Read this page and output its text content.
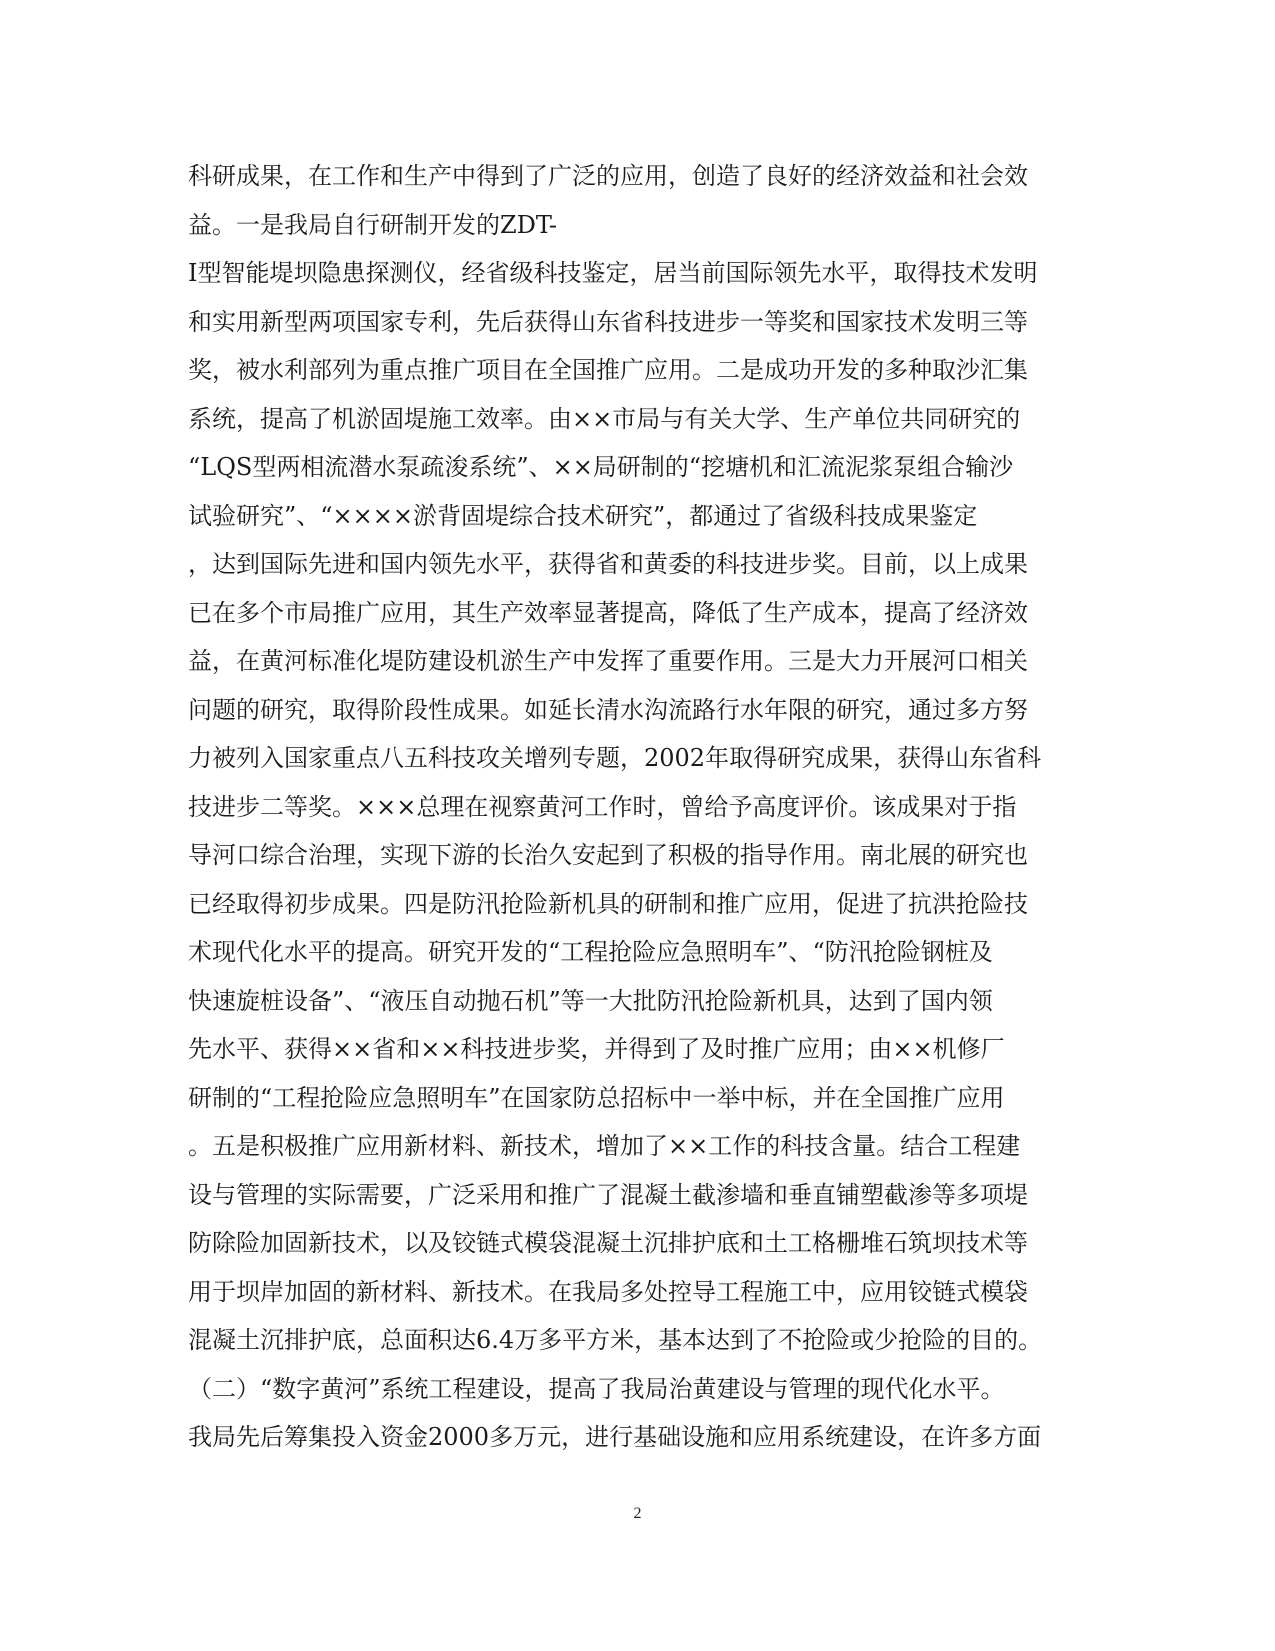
科研成果，在工作和生产中得到了广泛的应用，创造了良好的经济效益和社会效
益。一是我局自行研制开发的ZDT-
I型智能堤坝隐患探测仪，经省级科技鉴定，居当前国际领先水平，取得技术发明
和实用新型两项国家专利，先后获得山东省科技进步一等奖和国家技术发明三等
奖，被水利部列为重点推广项目在全国推广应用。二是成功开发的多种取沙汇集
系统，提高了机淤固堤施工效率。由××市局与有关大学、生产单位共同研究的
“LQS型两相流潜水泵疏浚系统”、××局研制的“挖塘机和汇流泥浆泵组合输沙
试验研究”、“××××淤背固堤综合技术研究”，都通过了省级科技成果鉴定
，达到国际先进和国内领先水平，获得省和黄委的科技进步奖。目前，以上成果
已在多个市局推广应用，其生产效率显著提高，降低了生产成本，提高了经济效
益，在黄河标准化堤防建设机淤生产中发挥了重要作用。三是大力开展河口相关
问题的研究，取得阶段性成果。如延长清水沟流路行水年限的研究，通过多方努
力被列入国家重点八五科技攻关增列专题，2002年取得研究成果，获得山东省科
技进步二等奖。×××总理在视察黄河工作时，曾给予高度评价。该成果对于指
导河口综合治理，实现下游的长治久安起到了积极的指导作用。南北展的研究也
已经取得初步成果。四是防汛抢险新机具的研制和推广应用，促进了抗洪抢险技
术现代化水平的提高。研究开发的“工程抢险应急照明车”、“防汛抢险钢桩及
快速旋桩设备”、“液压自动抛石机”等一大批防汛抢险新机具，达到了国内领
先水平、获得××省和××科技进步奖，并得到了及时推广应用；由××机修厂
研制的“工程抢险应急照明车”在国家防总招标中一举中标，并在全国推广应用
。五是积极推广应用新材料、新技术，增加了××工作的科技含量。结合工程建
设与管理的实际需要，广泛采用和推广了混凝土截渗墙和垂直铺塑截渗等多项堤
防除险加固新技术，以及铰链式模袋混凝土沉排护底和土工格栅堆石筑坝技术等
用于坝岸加固的新材料、新技术。在我局多处控导工程施工中，应用铰链式模袋
混凝土沉排护底，总面积达6.4万多平方米，基本达到了不抢险或少抢险的目的。
（二）“数字黄河”系统工程建设，提高了我局治黄建设与管理的现代化水平。
我局先后筹集投入资金2000多万元，进行基础设施和应用系统建设，在许多方面
2
